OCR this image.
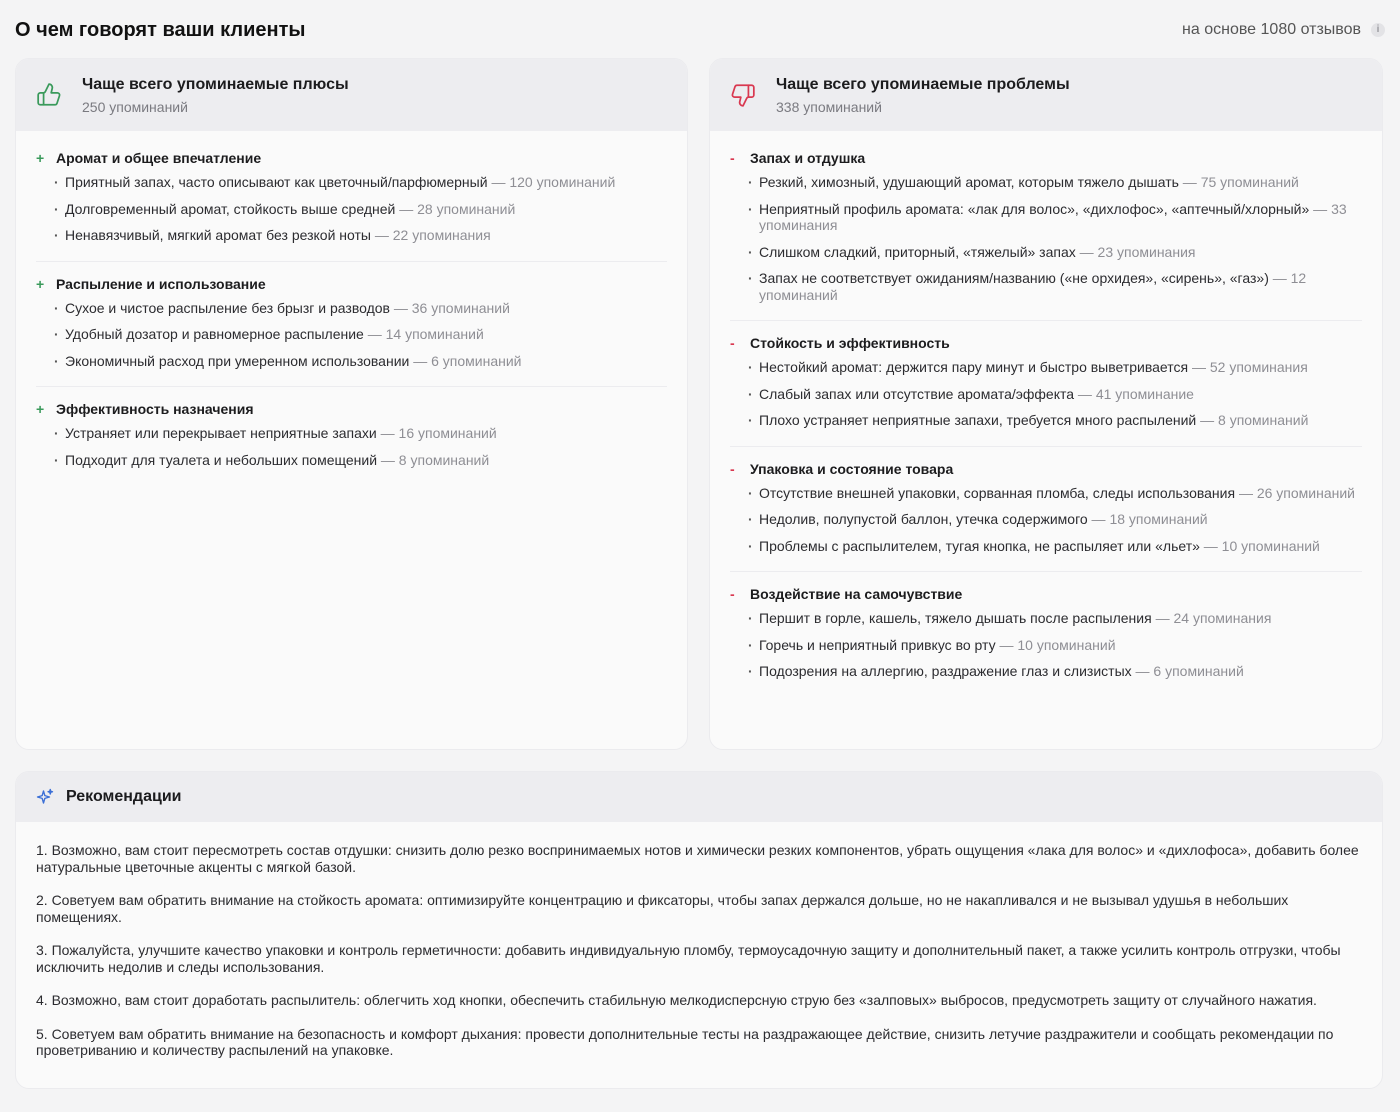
О чем говорят ваши клиенты	на основе 1080 отзывов	i
Чаще всего упоминаемые плюсы
250 упоминаний
+ Аромат и общее впечатление
· Приятный запах, часто описывают как цветочный/парфюмерный — 120 упоминаний
· Долговременный аромат, стойкость выше средней — 28 упоминаний
· Ненавязчивый, мягкий аромат без резкой ноты — 22 упоминания
+ Распыление и использование
· Сухое и чистое распыление без брызг и разводов — 36 упоминаний
· Удобный дозатор и равномерное распыление — 14 упоминаний
· Экономичный расход при умеренном использовании — 6 упоминаний
+ Эффективность назначения
· Устраняет или перекрывает неприятные запахи — 16 упоминаний
· Подходит для туалета и небольших помещений — 8 упоминаний
Чаще всего упоминаемые проблемы
338 упоминаний
-	Запах и отдушка
· Резкий, химозный, удушающий аромат, которым тяжело дышать — 75 упоминаний
· Неприятный профиль аромата: «лак для волос», «дихлофос», «аптечный/хлорный» — 33 упоминания
· Слишком сладкий, приторный, «тяжелый» запах — 23 упоминания
· Запах не соответствует ожиданиям/названию («не орхидея», «сирень», «газ») — 12 упоминаний
-	Стойкость и эффективность
· Нестойкий аромат: держится пару минут и быстро выветривается — 52 упоминания
· Слабый запах или отсутствие аромата/эффекта — 41 упоминание
· Плохо устраняет неприятные запахи, требуется много распылений — 8 упоминаний
-	Упаковка и состояние товара
· Отсутствие внешней упаковки, сорванная пломба, следы использования — 26 упоминаний
· Недолив, полупустой баллон, утечка содержимого — 18 упоминаний
· Проблемы с распылителем, тугая кнопка, не распыляет или «льет» — 10 упоминаний
-	Воздействие на самочувствие
· Першит в горле, кашель, тяжело дышать после распыления — 24 упоминания
· Горечь и неприятный привкус во рту — 10 упоминаний
· Подозрения на аллергию, раздражение глаз и слизистых — 6 упоминаний
Рекомендации
1. Возможно, вам стоит пересмотреть состав отдушки: снизить долю резко воспринимаемых нотов и химически резких компонентов, убрать ощущения «лака для волос» и «дихлофоса», добавить более натуральные цветочные акценты с мягкой базой.
2. Советуем вам обратить внимание на стойкость аромата: оптимизируйте концентрацию и фиксаторы, чтобы запах держался дольше, но не накапливался и не вызывал удушья в небольших помещениях.
3. Пожалуйста, улучшите качество упаковки и контроль герметичности: добавить индивидуальную пломбу, термоусадочную защиту и дополнительный пакет, а также усилить контроль отгрузки, чтобы исключить недолив и следы использования.
4. Возможно, вам стоит доработать распылитель: облегчить ход кнопки, обеспечить стабильную мелкодисперсную струю без «залповых» выбросов, предусмотреть защиту от случайного нажатия.
5. Советуем вам обратить внимание на безопасность и комфорт дыхания: провести дополнительные тесты на раздражающее действие, снизить летучие раздражители и сообщать рекомендации по проветриванию и количеству распылений на упаковке.
